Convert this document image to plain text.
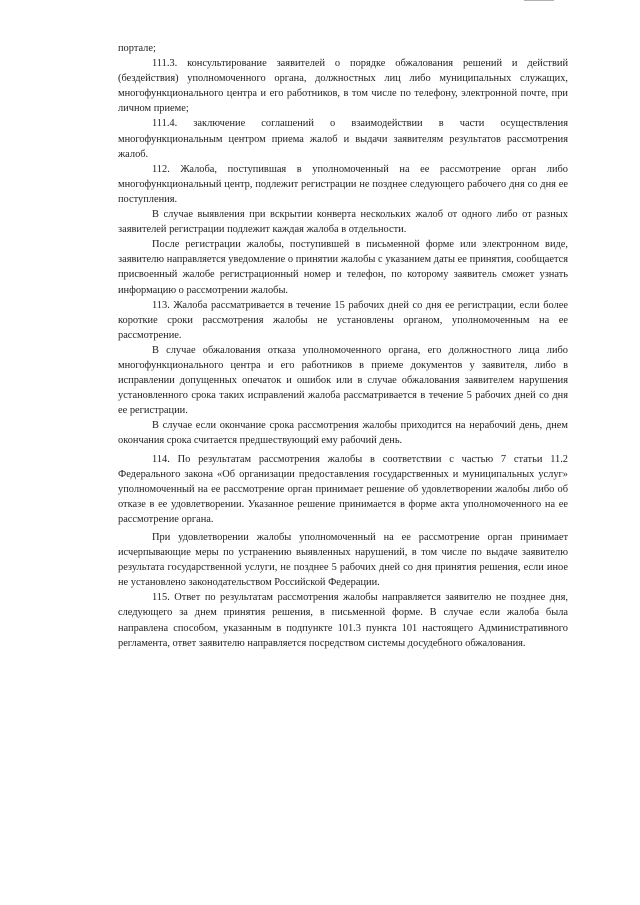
портале;

111.3. консультирование заявителей о порядке обжалования решений и действий (бездействия) уполномоченного органа, должностных лиц либо муниципальных служащих, многофункционального центра и его работников, в том числе по телефону, электронной почте, при личном приеме;

111.4. заключение соглашений о взаимодействии в части осуществления многофункциональным центром приема жалоб и выдачи заявителям результатов рассмотрения жалоб.

112. Жалоба, поступившая в уполномоченный на ее рассмотрение орган либо многофункциональный центр, подлежит регистрации не позднее следующего рабочего дня со дня ее поступления.

В случае выявления при вскрытии конверта нескольких жалоб от одного либо от разных заявителей регистрации подлежит каждая жалоба в отдельности.

После регистрации жалобы, поступившей в письменной форме или электронном виде, заявителю направляется уведомление о принятии жалобы с указанием даты ее принятия, сообщается присвоенный жалобе регистрационный номер и телефон, по которому заявитель сможет узнать информацию о рассмотрении жалобы.

113. Жалоба рассматривается в течение 15 рабочих дней со дня ее регистрации, если более короткие сроки рассмотрения жалобы не установлены органом, уполномоченным на ее рассмотрение.

В случае обжалования отказа уполномоченного органа, его должностного лица либо многофункционального центра и его работников в приеме документов у заявителя, либо в исправлении допущенных опечаток и ошибок или в случае обжалования заявителем нарушения установленного срока таких исправлений жалоба рассматривается в течение 5 рабочих дней со дня ее регистрации.

В случае если окончание срока рассмотрения жалобы приходится на нерабочий день, днем окончания срока считается предшествующий ему рабочий день.

114. По результатам рассмотрения жалобы в соответствии с частью 7 статьи 11.2 Федерального закона «Об организации предоставления государственных и муниципальных услуг» уполномоченный на ее рассмотрение орган принимает решение об удовлетворении жалобы либо об отказе в ее удовлетворении. Указанное решение принимается в форме акта уполномоченного на ее рассмотрение органа.

При удовлетворении жалобы уполномоченный на ее рассмотрение орган принимает исчерпывающие меры по устранению выявленных нарушений, в том числе по выдаче заявителю результата государственной услуги, не позднее 5 рабочих дней со дня принятия решения, если иное не установлено законодательством Российской Федерации.

115. Ответ по результатам рассмотрения жалобы направляется заявителю не позднее дня, следующего за днем принятия решения, в письменной форме. В случае если жалоба была направлена способом, указанным в подпункте 101.3 пункта 101 настоящего Административного регламента, ответ заявителю направляется посредством системы досудебного обжалования.
